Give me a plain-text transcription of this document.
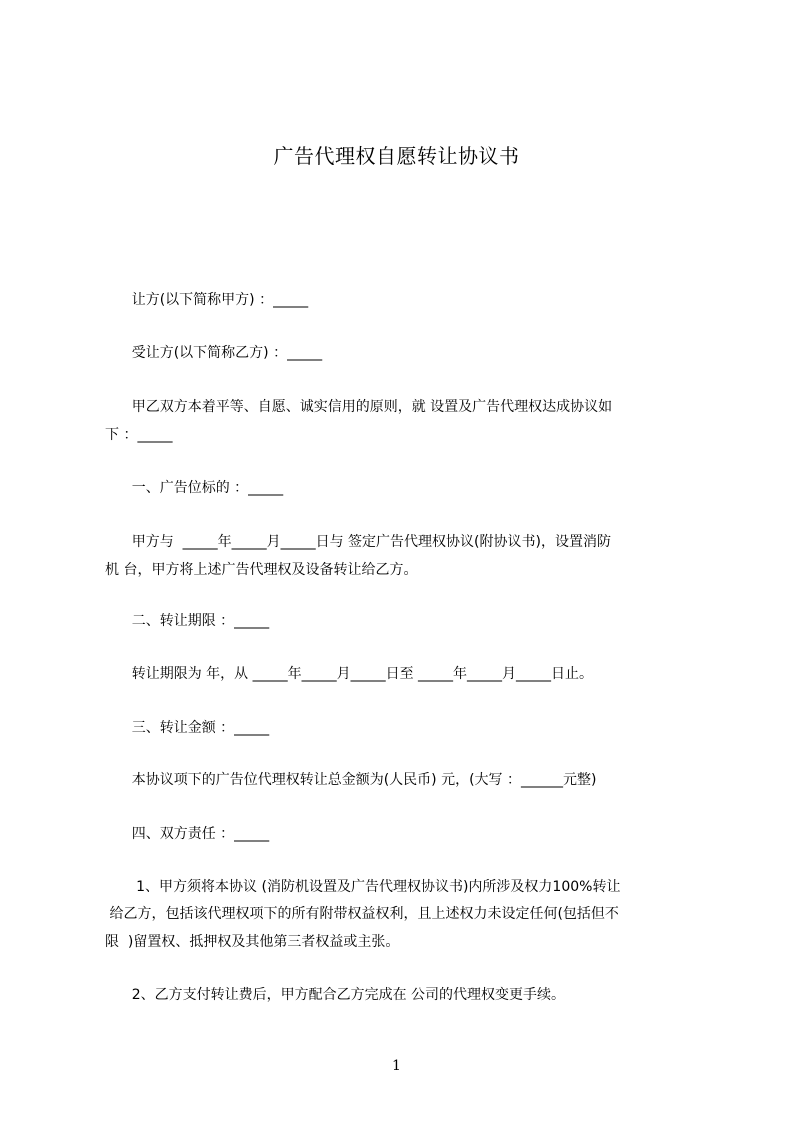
广告代理权自愿转让协议书
让方(以下简称甲方) ：_____
受让方(以下简称乙方) ：_____
甲乙双方本着平等、自愿、诚实信用的原则，就 设置及广告代理权达成协议如
下 ：_____
一、广告位标的 ：_____
甲方与  _____年_____月_____日与 签定广告代理权协议(附协议书)，设置消防
机 台，甲方将上述广告代理权及设备转让给乙方。
二、转让期限 ：_____
转让期限为 年，从 _____年_____月_____日至 _____年_____月_____日止。
三、转让金额 ：_____
本协议项下的广告位代理权转让总金额为(人民币) 元，(大写 ：______元整)
四、双方责任 ：_____
1、甲方须将本协议 (消防机设置及广告代理权协议书)内所涉及权力100%转让
给乙方，包括该代理权项下的所有附带权益权利，且上述权力未设定任何(包括但不
限  )留置权、抵押权及其他第三者权益或主张。
2、乙方支付转让费后，甲方配合乙方完成在 公司的代理权变更手续。
1
